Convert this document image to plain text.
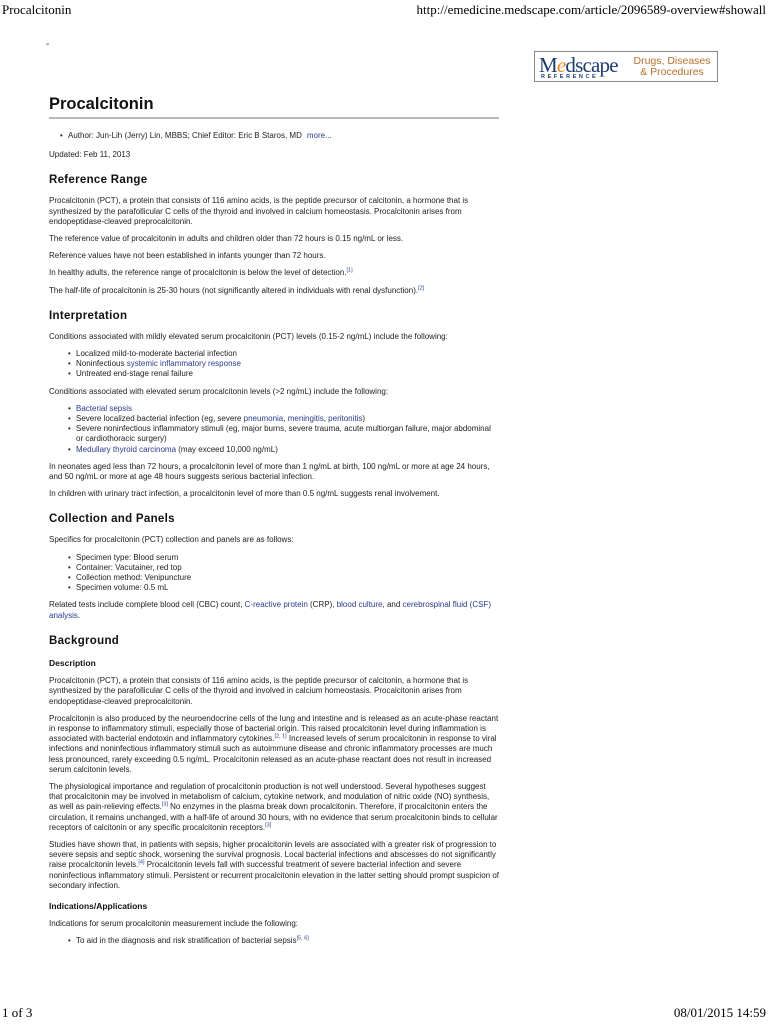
Procalcitonin	http://emedicine.medscape.com/article/2096589-overview#showall
-
Medscape
REFERENCE
Drugs, Diseases
& Procedures
Procalcitonin
• Author: Jun-Lih (Jerry) Lin, MBBS; Chief Editor: Eric B Staros, MD more...
Updated: Feb 11, 2013
Reference Range

Procalcitonin (PCT), a protein that consists of 116 amino acids, is the peptide precursor of calcitonin, a hormone that is synthesized by the parafollicular C cells of the thyroid and involved in calcium homeostasis. Procalcitonin arises from endopeptidase-cleaved preprocalcitonin.

The reference value of procalcitonin in adults and children older than 72 hours is 0.15 ng/mL or less.

Reference values have not been established in infants younger than 72 hours.

In healthy adults, the reference range of procalcitonin is below the level of detection.[1]

The half-life of procalcitonin is 25-30 hours (not significantly altered in individuals with renal dysfunction).[2]

Interpretation

Conditions associated with mildly elevated serum procalcitonin (PCT) levels (0.15-2 ng/mL) include the following:

• Localized mild-to-moderate bacterial infection
• Noninfectious systemic inflammatory response
• Untreated end-stage renal failure

Conditions associated with elevated serum procalcitonin levels (>2 ng/mL) include the following:

• Bacterial sepsis
• Severe localized bacterial infection (eg, severe pneumonia, meningitis, peritonitis)
• Severe noninfectious inflammatory stimuli (eg, major burns, severe trauma, acute multiorgan failure, major abdominal or cardiothoracic surgery)
• Medullary thyroid carcinoma (may exceed 10,000 ng/mL)

In neonates aged less than 72 hours, a procalcitonin level of more than 1 ng/mL at birth, 100 ng/mL or more at age 24 hours, and 50 ng/mL or more at age 48 hours suggests serious bacterial infection.

In children with urinary tract infection, a procalcitonin level of more than 0.5 ng/mL suggests renal involvement.

Collection and Panels

Specifics for procalcitonin (PCT) collection and panels are as follows:

• Specimen type: Blood serum
• Container: Vacutainer, red top
• Collection method: Venipuncture
• Specimen volume: 0.5 mL

Related tests include complete blood cell (CBC) count, C-reactive protein (CRP), blood culture, and cerebrospinal fluid (CSF) analysis.

Background
Description

Procalcitonin (PCT), a protein that consists of 116 amino acids, is the peptide precursor of calcitonin, a hormone that is synthesized by the parafollicular C cells of the thyroid and involved in calcium homeostasis. Procalcitonin arises from endopeptidase-cleaved preprocalcitonin.

Procalcitonin is also produced by the neuroendocrine cells of the lung and intestine and is released as an acute-phase reactant in response to inflammatory stimuli, especially those of bacterial origin. This raised procalcitonin level during inflammation is associated with bacterial endotoxin and inflammatory cytokines.[2, 1] Increased levels of serum procalcitonin in response to viral infections and noninfectious inflammatory stimuli such as autoimmune disease and chronic inflammatory processes are much less pronounced, rarely exceeding 0.5 ng/mL. Procalcitonin released as an acute-phase reactant does not result in increased serum calcitonin levels.

The physiological importance and regulation of procalcitonin production is not well understood. Several hypotheses suggest that procalcitonin may be involved in metabolism of calcium, cytokine network, and modulation of nitric oxide (NO) synthesis, as well as pain-relieving effects.[3] No enzymes in the plasma break down procalcitonin. Therefore, if procalcitonin enters the circulation, it remains unchanged, with a half-life of around 30 hours, with no evidence that serum procalcitonin binds to cellular receptors of calcitonin or any specific procalcitonin receptors.[3]

Studies have shown that, in patients with sepsis, higher procalcitonin levels are associated with a greater risk of progression to severe sepsis and septic shock, worsening the survival prognosis. Local bacterial infections and abscesses do not significantly raise procalcitonin levels.[4] Procalcitonin levels fall with successful treatment of severe bacterial infection and severe noninfectious inflammatory stimuli. Persistent or recurrent procalcitonin elevation in the latter setting should prompt suspicion of secondary infection.

Indications/Applications

Indications for serum procalcitonin measurement include the following:

• To aid in the diagnosis and risk stratification of bacterial sepsis[5, 6]
1 of 3	08/01/2015 14:59
